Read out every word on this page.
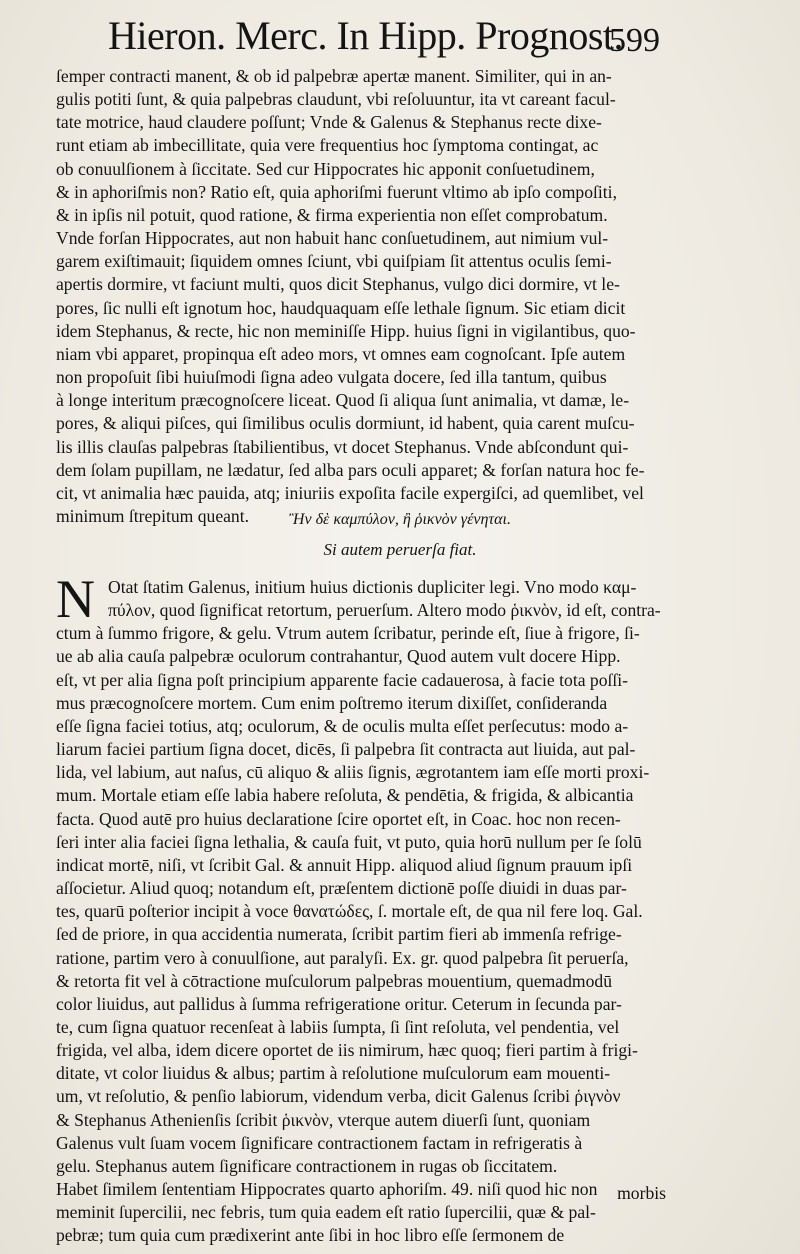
Hieron. Merc. In Hipp. Prognost.
599
ſemper contracti manent, & ob id palpebræ apertæ manent. Similiter, qui in an-
gulis potiti ſunt, & quia palpebras claudunt, vbi reſoluuntur, ita vt careant facul-
tate motrice, haud claudere poſſunt; Vnde & Galenus & Stephanus recte dixe-
runt etiam ab imbecillitate, quia vere frequentius hoc ſymptoma contingat, ac
ob conuulſionem à ſiccitate. Sed cur Hippocrates hic apponit conſuetudinem,
& in aphoriſmis non? Ratio eſt, quia aphoriſmi fuerunt vltimo ab ipſo compoſiti,
& in ipſis nil potuit, quod ratione, & firma experientia non eſſet comprobatum.
Vnde forſan Hippocrates, aut non habuit hanc conſuetudinem, aut nimium vul-
garem exiſtimauit; ſiquidem omnes ſciunt, vbi quiſpiam ſit attentus oculis ſemi-
apertis dormire, vt faciunt multi, quos dicit Stephanus, vulgo dici dormire, vt le-
pores, ſic nulli eſt ignotum hoc, haudquaquam eſſe lethale ſignum. Sic etiam dicit
idem Stephanus, & recte, hic non meminiſſe Hipp. huius ſigni in vigilantibus, quo-
niam vbi apparet, propinqua eſt adeo mors, vt omnes eam cognoſcant. Ipſe autem
non propoſuit ſibi huiuſmodi ſigna adeo vulgata docere, ſed illa tantum, quibus
à longe interitum præcognoſcere liceat. Quod ſi aliqua ſunt animalia, vt damæ, le-
pores, & aliqui piſces, qui ſimilibus oculis dormiunt, id habent, quia carent muſcu-
lis illis clauſas palpebras ſtabilientibus, vt docet Stephanus. Vnde abſcondunt qui-
dem ſolam pupillam, ne lædatur, ſed alba pars oculi apparet; & forſan natura hoc fe-
cit, vt animalia hæc pauida, atq; iniuriis expoſita facile expergiſci, ad quemlibet, vel
minimum ſtrepitum queant.	Ἢν δὲ καμπύλον, ἢ ῥικνὸν γένηται.
Si autem peruerſa fiat.
N Otat ſtatim Galenus, initium huius dictionis dupliciter legi. Vno modo καμ-
πύλον, quod ſignificat retortum, peruerſum. Altero modo ῥικνὸν, id eſt, contra-
ctum à ſummo frigore, & gelu. Vtrum autem ſcribatur, perinde eſt, ſiue à frigore, ſi-
ue ab alia cauſa palpebræ oculorum contrahantur, Quod autem vult docere Hipp.
eſt, vt per alia ſigna poſt principium apparente facie cadauerosa, à facie tota poſſi-
mus præcognoſcere mortem. Cum enim poſtremo iterum dixiſſet, conſideranda
eſſe ſigna faciei totius, atq; oculorum, & de oculis multa eſſet perſecutus: modo a-
liarum faciei partium ſigna docet, dicēs, ſi palpebra ſit contracta aut liuida, aut pal-
lida, vel labium, aut naſus, cū aliquo & aliis ſignis, ægrotantem iam eſſe morti proxi-
mum. Mortale etiam eſſe labia habere reſoluta, & pendētia, & frigida, & albicantia
facta. Quod autē pro huius declaratione ſcire oportet eſt, in Coac. hoc non recen-
ſeri inter alia faciei ſigna lethalia, & cauſa fuit, vt puto, quia horū nullum per ſe ſolū
indicat mortē, niſi, vt ſcribit Gal. & annuit Hipp. aliquod aliud ſignum prauum ipſi
aſſocietur. Aliud quoq; notandum eſt, præſentem dictionē poſſe diuidi in duas par-
tes, quarū poſterior incipit à voce θανατώδες, ſ. mortale eſt, de qua nil fere loq. Gal.
ſed de priore, in qua accidentia numerata, ſcribit partim fieri ab immenſa refrige-
ratione, partim vero à conuulſione, aut paralyſi. Ex. gr. quod palpebra ſit peruerſa,
& retorta fit vel à cōtractione muſculorum palpebras mouentium, quemadmodū
color liuidus, aut pallidus à ſumma refrigeratione oritur. Ceterum in ſecunda par-
te, cum ſigna quatuor recenſeat à labiis ſumpta, ſi ſint reſoluta, vel pendentia, vel
frigida, vel alba, idem dicere oportet de iis nimirum, hæc quoq; fieri partim à frigi-
ditate, vt color liuidus & albus; partim à reſolutione muſculorum eam mouenti-
um, vt reſolutio, & penſio labiorum, videndum verba, dicit Galenus ſcribi ῥιγνὸν
& Stephanus Athenienſis ſcribit ῥικνὸν, vterque autem diuerſi ſunt, quoniam
Galenus vult ſuam vocem ſignificare contractionem factam in refrigeratis à
gelu. Stephanus autem ſignificare contractionem in rugas ob ſiccitatem.
Habet ſimilem ſententiam Hippocrates quarto aphoriſm. 49. niſi quod hic non
meminit ſupercilii, nec febris, tum quia eadem eſt ratio ſupercilii, quæ & pal-
pebræ; tum quia cum prædixerint ante ſibi in hoc libro eſſe ſermonem de
morbis
